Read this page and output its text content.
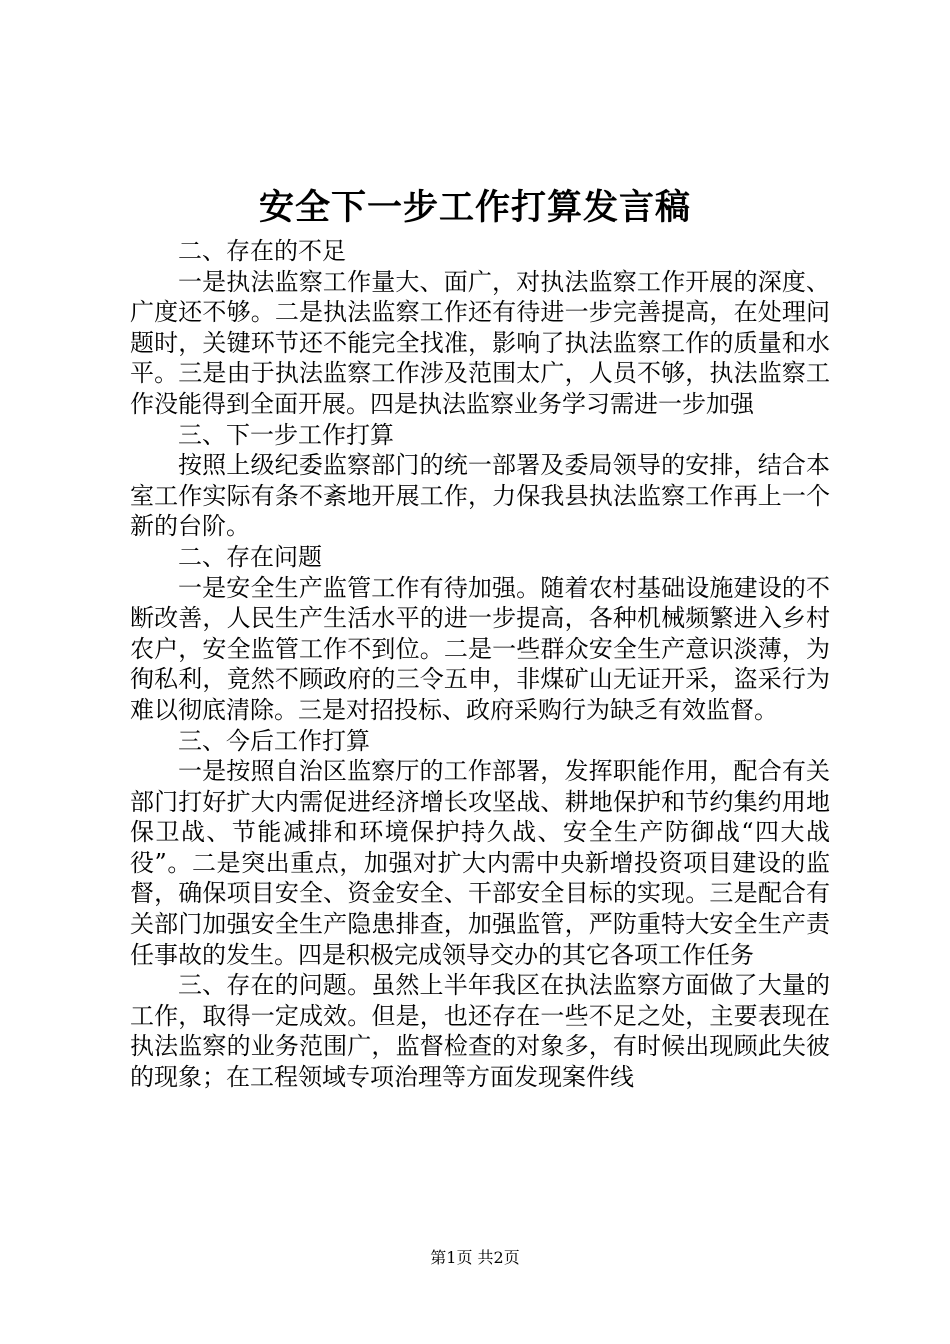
安全下一步工作打算发言稿

二、存在的不足

一是执法监察工作量大、面广，对执法监察工作开展的深度、广度还不够。二是执法监察工作还有待进一步完善提高，在处理问题时，关键环节还不能完全找准，影响了执法监察工作的质量和水平。三是由于执法监察工作涉及范围太广，人员不够，执法监察工作没能得到全面开展。四是执法监察业务学习需进一步加强

三、下一步工作打算

按照上级纪委监察部门的统一部署及委局领导的安排，结合本室工作实际有条不紊地开展工作，力保我县执法监察工作再上一个新的台阶。

二、存在问题

一是安全生产监管工作有待加强。随着农村基础设施建设的不断改善，人民生产生活水平的进一步提高，各种机械频繁进入乡村农户，安全监管工作不到位。二是一些群众安全生产意识淡薄，为徇私利，竟然不顾政府的三令五申，非煤矿山无证开采，盗采行为难以彻底清除。三是对招投标、政府采购行为缺乏有效监督。

三、今后工作打算

一是按照自治区监察厅的工作部署，发挥职能作用，配合有关部门打好扩大内需促进经济增长攻坚战、耕地保护和节约集约用地保卫战、节能减排和环境保护持久战、安全生产防御战“四大战役”。二是突出重点，加强对扩大内需中央新增投资项目建设的监督，确保项目安全、资金安全、干部安全目标的实现。三是配合有关部门加强安全生产隐患排查，加强监管，严防重特大安全生产责任事故的发生。四是积极完成领导交办的其它各项工作任务

三、存在的问题。虽然上半年我区在执法监察方面做了大量的工作，取得一定成效。但是，也还存在一些不足之处，主要表现在执法监察的业务范围广，监督检查的对象多，有时候出现顾此失彼的现象；在工程领域专项治理等方面发现案件线

第1页 共2页
